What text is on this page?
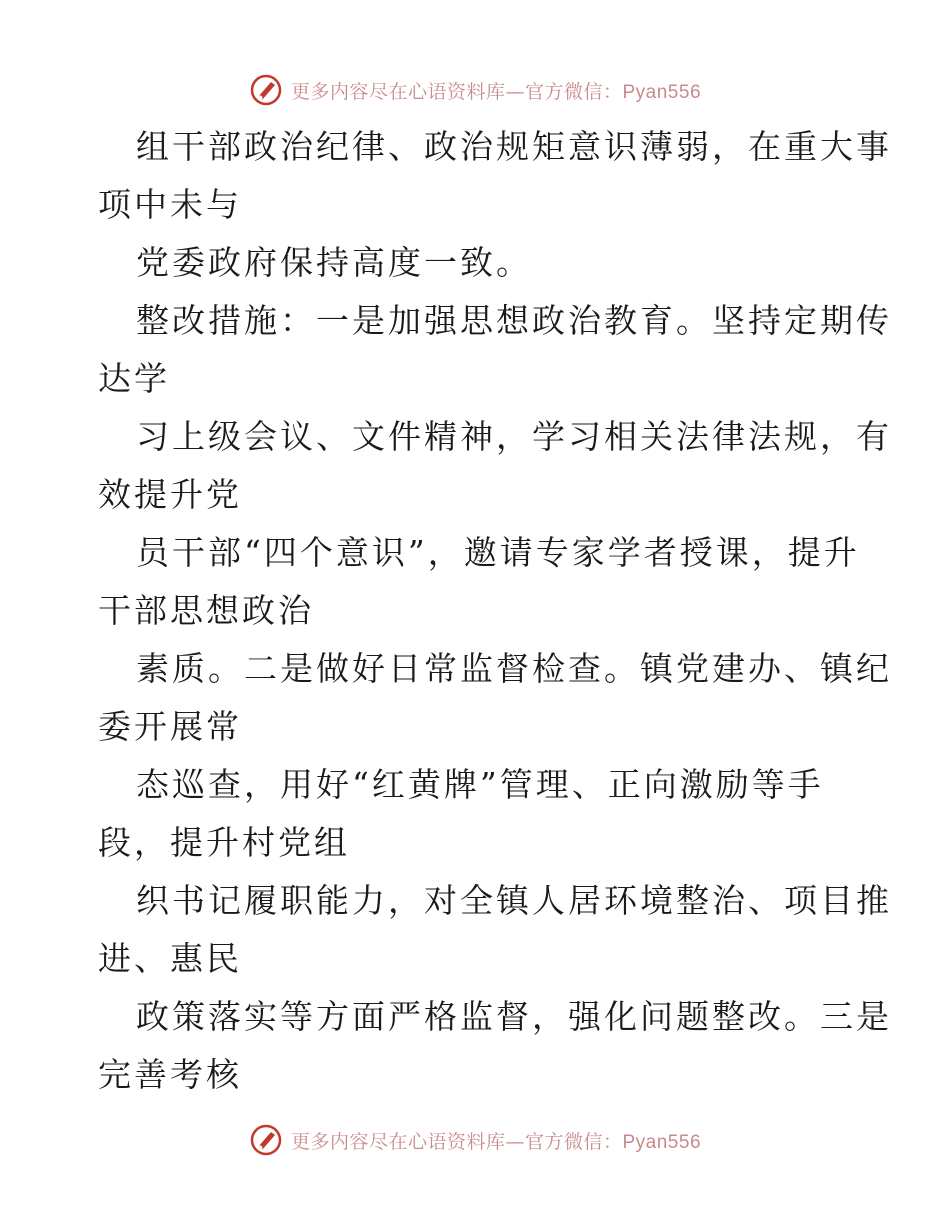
更多内容尽在心语资料库—官方微信：Pyan556
组干部政治纪律、政治规矩意识薄弱，在重大事
项中未与
党委政府保持高度一致。
整改措施：一是加强思想政治教育。坚持定期传
达学
习上级会议、文件精神，学习相关法律法规，有
效提升党
员干部“四个意识”，邀请专家学者授课，提升
干部思想政治
素质。二是做好日常监督检查。镇党建办、镇纪
委开展常
态巡查，用好“红黄牌”管理、正向激励等手
段，提升村党组
织书记履职能力，对全镇人居环境整治、项目推
进、惠民
政策落实等方面严格监督，强化问题整改。三是
完善考核
更多内容尽在心语资料库—官方微信：Pyan556
